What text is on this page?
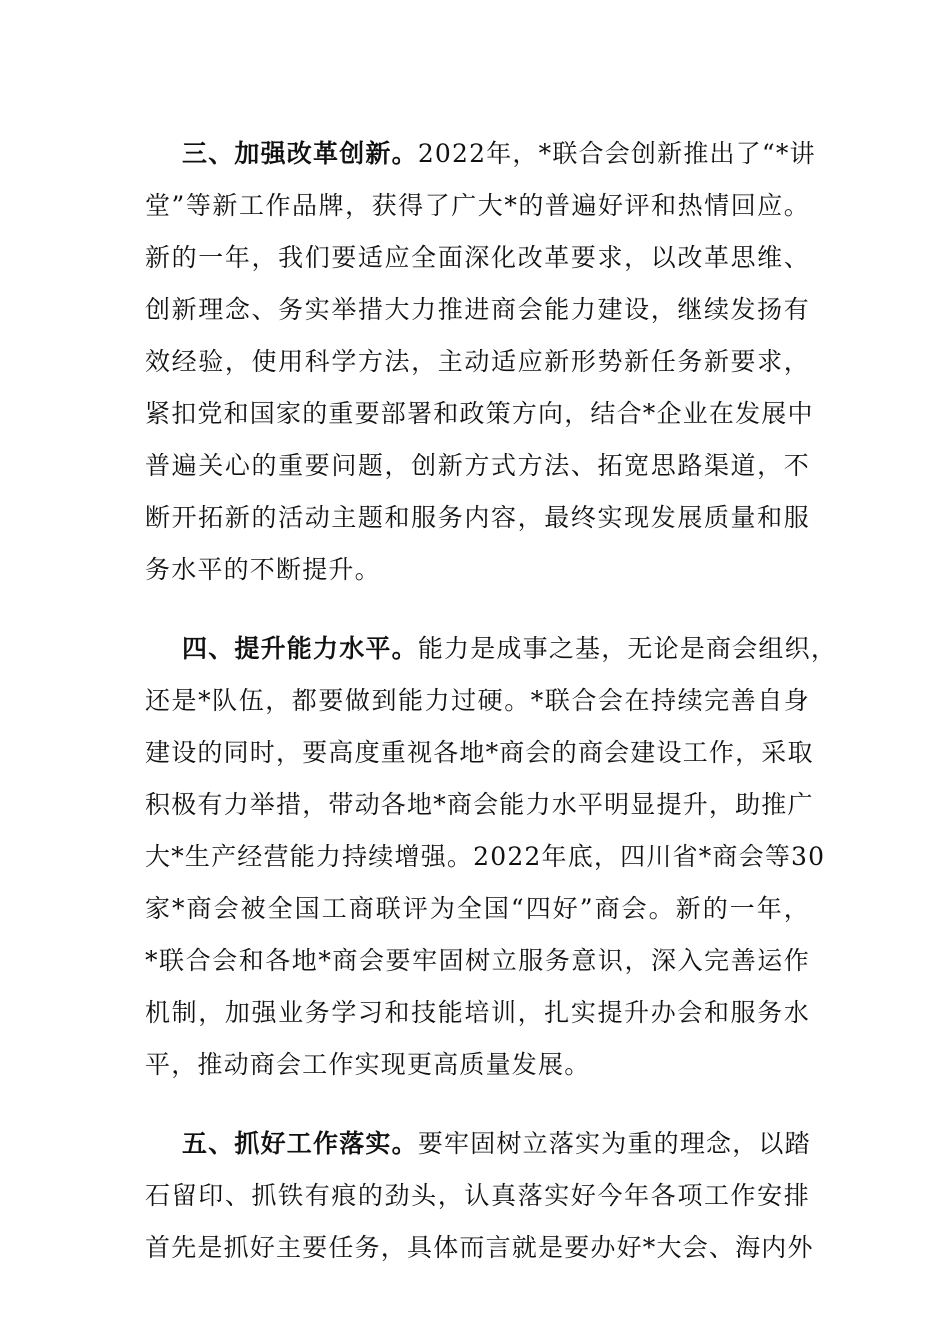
三、加强改革创新。2022年，*联合会创新推出了“*讲
堂”等新工作品牌，获得了广大*的普遍好评和热情回应。
新的一年，我们要适应全面深化改革要求，以改革思维、
创新理念、务实举措大力推进商会能力建设，继续发扬有
效经验，使用科学方法，主动适应新形势新任务新要求，
紧扣党和国家的重要部署和政策方向，结合*企业在发展中
普遍关心的重要问题，创新方式方法、拓宽思路渠道，不
断开拓新的活动主题和服务内容，最终实现发展质量和服
务水平的不断提升。
四、提升能力水平。能力是成事之基，无论是商会组织，
还是*队伍，都要做到能力过硬。*联合会在持续完善自身
建设的同时，要高度重视各地*商会的商会建设工作，采取
积极有力举措，带动各地*商会能力水平明显提升，助推广
大*生产经营能力持续增强。2022年底，四川省*商会等30
家*商会被全国工商联评为全国“四好”商会。新的一年，
*联合会和各地*商会要牢固树立服务意识，深入完善运作
机制，加强业务学习和技能培训，扎实提升办会和服务水
平，推动商会工作实现更高质量发展。
五、抓好工作落实。要牢固树立落实为重的理念，以踏
石留印、抓铁有痕的劲头，认真落实好今年各项工作安排
首先是抓好主要任务，具体而言就是要办好*大会、海内外
